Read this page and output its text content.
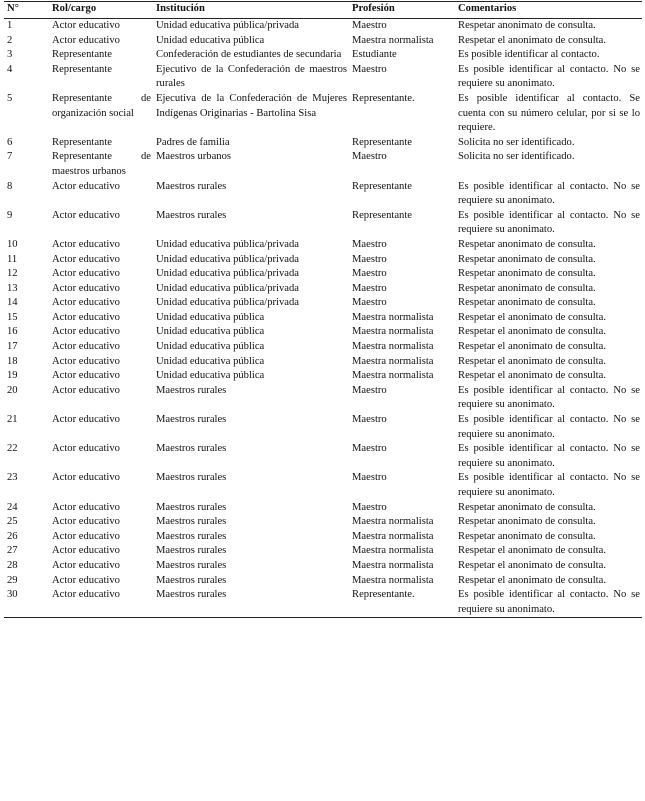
N°	Rol/cargo	Institución	Profesión	Comentarios
1	Actor educativo	Unidad educativa pública/privada	Maestro	Respetar anonimato de consulta.
2	Actor educativo	Unidad educativa pública	Maestra normalista	Respetar el anonimato de consulta.
3	Representante	Confederación de estudiantes de secundaria	Estudiante	Es posible identificar al contacto.
4	Representante	Ejecutivo de la Confederación de maestros rurales	Maestro	Es posible identificar al contacto. No se requiere su anonimato.
5	Representante de organización social	Ejecutiva de la Confederación de Mujeres Indígenas Originarias - Bartolina Sisa	Representante.	Es posible identificar al contacto. Se cuenta con su número celular, por si se lo requiere.
6	Representante	Padres de familia	Representante	Solicita no ser identificado.
7	Representante de maestros urbanos	Maestros urbanos	Maestro	Solicita no ser identificado.
8	Actor educativo	Maestros rurales	Representante	Es posible identificar al contacto. No se requiere su anonimato.
9	Actor educativo	Maestros rurales	Representante	Es posible identificar al contacto. No se requiere su anonimato.
10	Actor educativo	Unidad educativa pública/privada	Maestro	Respetar anonimato de consulta.
11	Actor educativo	Unidad educativa pública/privada	Maestro	Respetar anonimato de consulta.
12	Actor educativo	Unidad educativa pública/privada	Maestro	Respetar anonimato de consulta.
13	Actor educativo	Unidad educativa pública/privada	Maestro	Respetar anonimato de consulta.
14	Actor educativo	Unidad educativa pública/privada	Maestro	Respetar anonimato de consulta.
15	Actor educativo	Unidad educativa pública	Maestra normalista	Respetar el anonimato de consulta.
16	Actor educativo	Unidad educativa pública	Maestra normalista	Respetar el anonimato de consulta.
17	Actor educativo	Unidad educativa pública	Maestra normalista	Respetar el anonimato de consulta.
18	Actor educativo	Unidad educativa pública	Maestra normalista	Respetar el anonimato de consulta.
19	Actor educativo	Unidad educativa pública	Maestra normalista	Respetar el anonimato de consulta.
20	Actor educativo	Maestros rurales	Maestro	Es posible identificar al contacto. No se requiere su anonimato.
21	Actor educativo	Maestros rurales	Maestro	Es posible identificar al contacto. No se requiere su anonimato.
22	Actor educativo	Maestros rurales	Maestro	Es posible identificar al contacto. No se requiere su anonimato.
23	Actor educativo	Maestros rurales	Maestro	Es posible identificar al contacto. No se requiere su anonimato.
24	Actor educativo	Maestros rurales	Maestro	Respetar anonimato de consulta.
25	Actor educativo	Maestros rurales	Maestra normalista	Respetar anonimato de consulta.
26	Actor educativo	Maestros rurales	Maestra normalista	Respetar anonimato de consulta.
27	Actor educativo	Maestros rurales	Maestra normalista	Respetar el anonimato de consulta.
28	Actor educativo	Maestros rurales	Maestra normalista	Respetar el anonimato de consulta.
29	Actor educativo	Maestros rurales	Maestra normalista	Respetar el anonimato de consulta.
30	Actor educativo	Maestros rurales	Representante.	Es posible identificar al contacto. No se requiere su anonimato.
